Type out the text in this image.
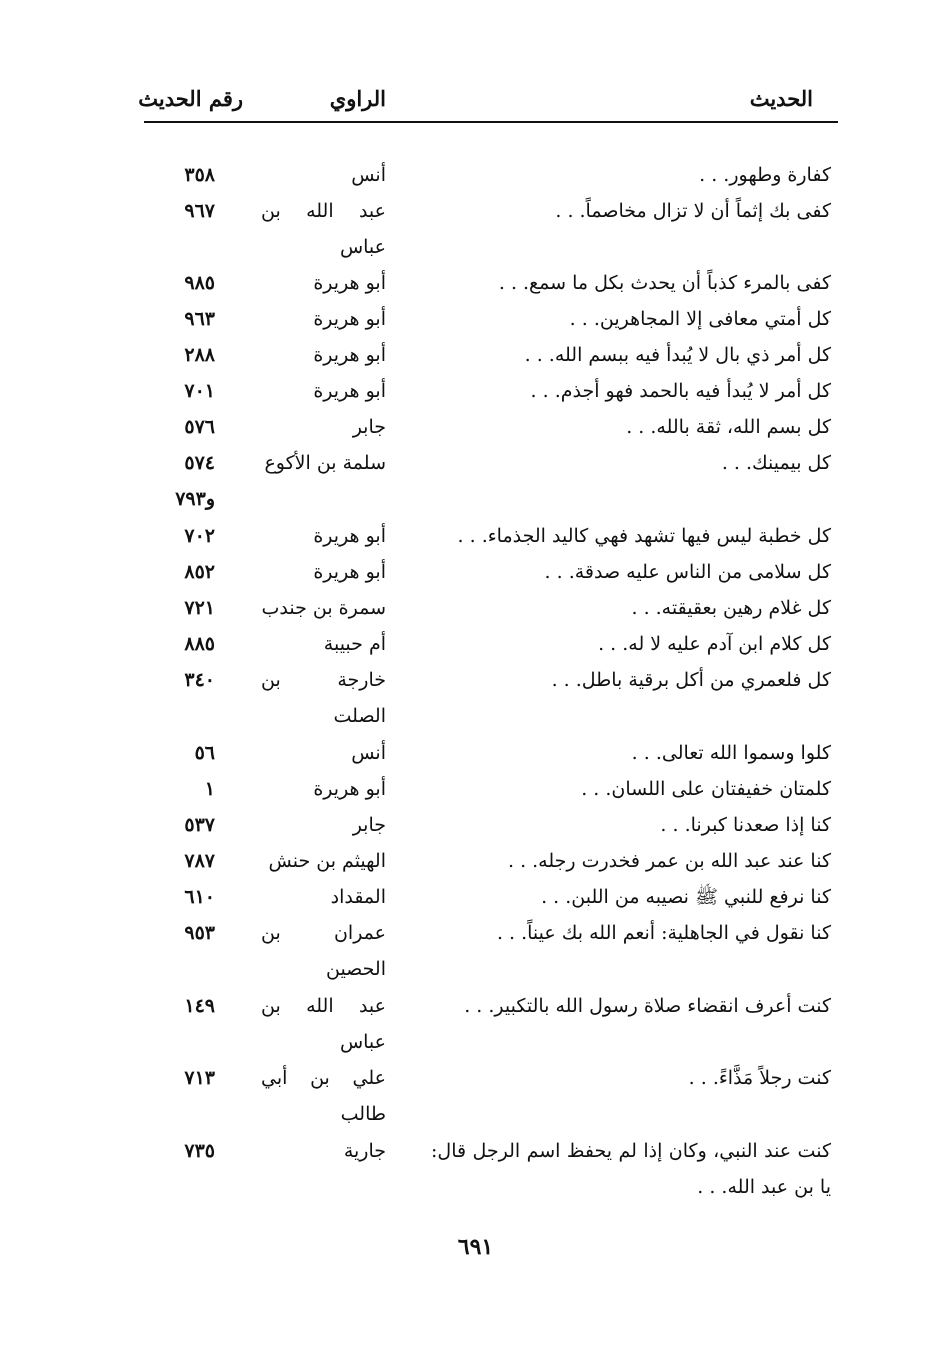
الحديث
الراوي
رقم الحديث
كفارة وطهور. . .
أنس
٣٥٨
كفى بك إثماً أن لا تزال مخاصماً. . .
عبد الله بن عباس
٩٦٧
كفى بالمرء كذباً أن يحدث بكل ما سمع. . .
أبو هريرة
٩٨٥
كل أمتي معافى إلا المجاهرين. . .
أبو هريرة
٩٦٣
كل أمر ذي بال لا يُبدأ فيه ببسم الله. . .
أبو هريرة
٢٨٨
كل أمر لا يُبدأ فيه بالحمد فهو أجذم. . .
أبو هريرة
٧٠١
كل بسم الله، ثقة بالله. . .
جابر
٥٧٦
كل بيمينك. . .
سلمة بن الأكوع
٥٧٤
و٧٩٣
كل خطبة ليس فيها تشهد فهي كاليد الجذماء. . .
أبو هريرة
٧٠٢
كل سلامى من الناس عليه صدقة. . .
أبو هريرة
٨٥٢
كل غلام رهين بعقيقته. . .
سمرة بن جندب
٧٢١
كل كلام ابن آدم عليه لا له. . .
أم حبيبة
٨٨٥
كل فلعمري من أكل برقية باطل. . .
خارجة بن الصلت
٣٤٠
كلوا وسموا الله تعالى. . .
أنس
٥٦
كلمتان خفيفتان على اللسان. . .
أبو هريرة
١
كنا إذا صعدنا كبرنا. . .
جابر
٥٣٧
كنا عند عبد الله بن عمر فخدرت رجله. . .
الهيثم بن حنش
٧٨٧
كنا نرفع للنبي ﷺ نصيبه من اللبن. . .
المقداد
٦١٠
كنا نقول في الجاهلية: أنعم الله بك عيناً. . .
عمران بن الحصين
٩٥٣
كنت أعرف انقضاء صلاة رسول الله بالتكبير. . .
عبد الله بن عباس
١٤٩
كنت رجلاً مَذَّاءً. . .
علي بن أبي طالب
٧١٣
كنت عند النبي، وكان إذا لم يحفظ اسم الرجل قال: يا بن عبد الله. . .
جارية
٧٣٥
٦٩١
